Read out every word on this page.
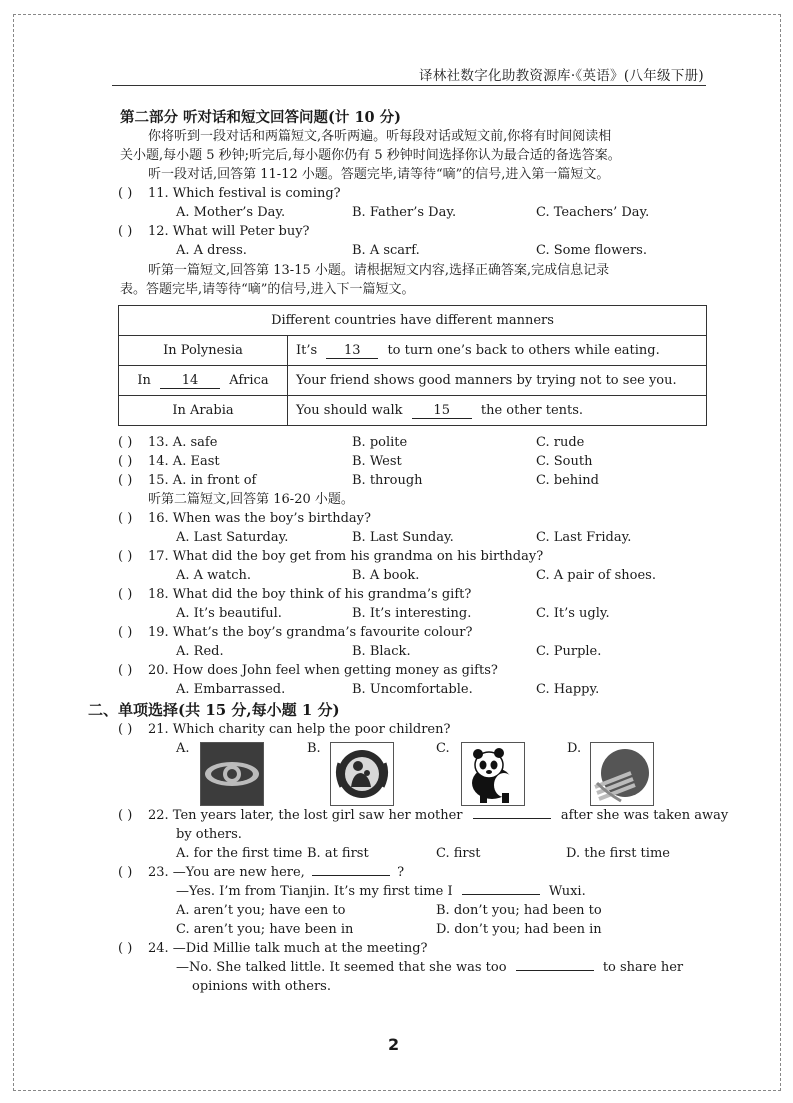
译林社数字化助教资源库·《英语》(八年级下册)
第二部分 听对话和短文回答问题(计 10 分)
你将听到一段对话和两篇短文,各听两遍。听每段对话或短文前,你将有时间阅读相
关小题,每小题 5 秒钟;听完后,每小题你仍有 5 秒钟时间选择你认为最合适的备选答案。
听一段对话,回答第 11-12 小题。答题完毕,请等待“嘀”的信号,进入第一篇短文。
( ) 11. Which festival is coming?
A. Mother’s Day.	B. Father’s Day.	C. Teachers’ Day.
( ) 12. What will Peter buy?
A. A dress.	B. A scarf.	C. Some flowers.
听第一篇短文,回答第 13-15 小题。请根据短文内容,选择正确答案,完成信息记录
表。答题完毕,请等待“嘀”的信号,进入下一篇短文。
Different countries have different manners	
In Polynesia	It’s 13 to turn one’s back to others while eating.
In 14 Africa	Your friend shows good manners by trying not to see you.
In Arabia	You should walk 15 the other tents.
( ) 13. A. safe	B. polite	C. rude
( ) 14. A. East	B. West	C. South
( ) 15. A. in front of	B. through	C. behind
听第二篇短文,回答第 16-20 小题。
( ) 16. When was the boy’s birthday?
A. Last Saturday.	B. Last Sunday.	C. Last Friday.
( ) 17. What did the boy get from his grandma on his birthday?
A. A watch.	B. A book.	C. A pair of shoes.
( ) 18. What did the boy think of his grandma’s gift?
A. It’s beautiful.	B. It’s interesting.	C. It’s ugly.
( ) 19. What’s the boy’s grandma’s favourite colour?
A. Red.	B. Black.	C. Purple.
( ) 20. How does John feel when getting money as gifts?
A. Embarrassed.	B. Uncomfortable.	C. Happy.
二、单项选择(共 15 分,每小题 1 分)
( ) 21. Which charity can help the poor children?
A.	B.	C.	D.
( ) 22. Ten years later, the lost girl saw her mother	after she was taken away
by others.
A. for the first time B. at first	C. first	D. the first time
( ) 23. —You are new here,	?
—Yes. I’m from Tianjin. It’s my first time I	Wuxi.
A. aren’t you; have een to	B. don’t you; had been to
C. aren’t you; have been in	D. don’t you; had been in
( ) 24. —Did Millie talk much at the meeting?
—No. She talked little. It seemed that she was too	to share her
opinions with others.
2
